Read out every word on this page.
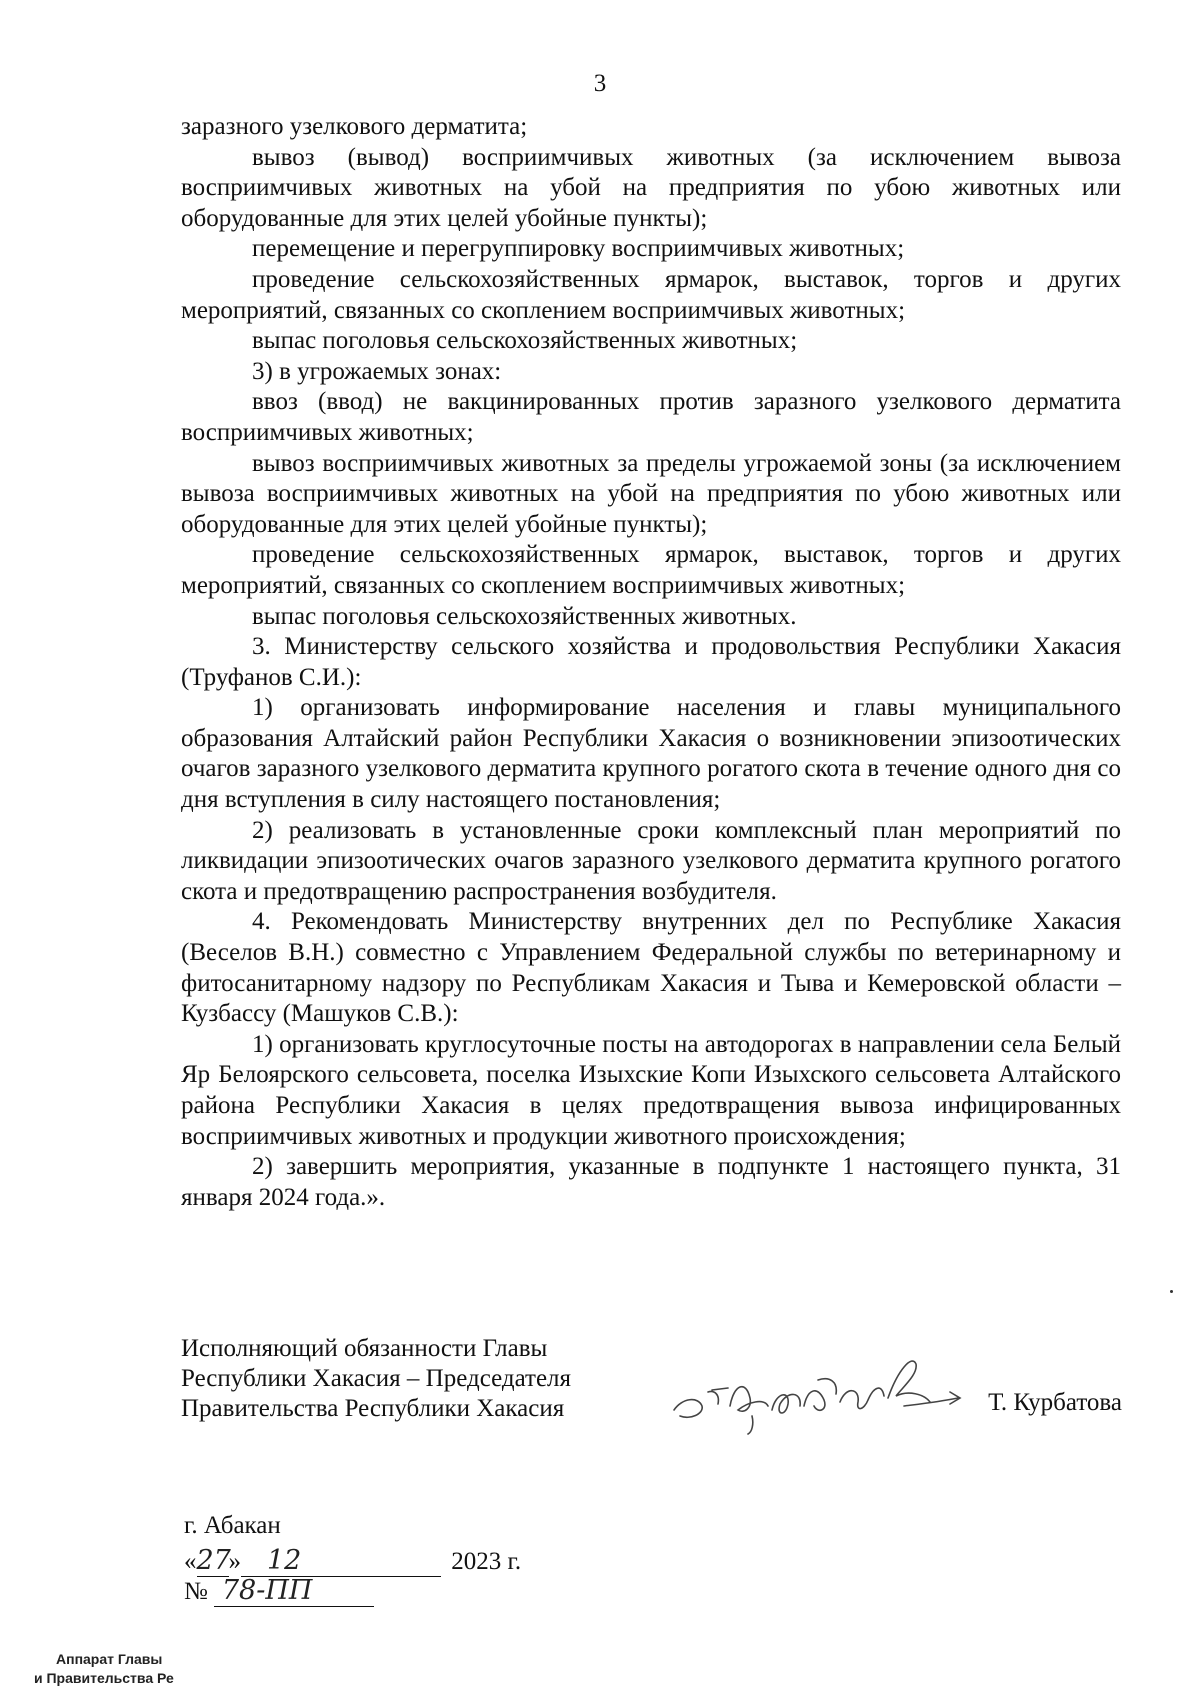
3

заразного узелкового дерматита;

вывоз (вывод) восприимчивых животных (за исключением вывоза восприимчивых животных на убой на предприятия по убою животных или оборудованные для этих целей убойные пункты);

перемещение и перегруппировку восприимчивых животных;

проведение сельскохозяйственных ярмарок, выставок, торгов и других мероприятий, связанных со скоплением восприимчивых животных;

выпас поголовья сельскохозяйственных животных;

3) в угрожаемых зонах:

ввоз (ввод) не вакцинированных против заразного узелкового дерматита восприимчивых животных;

вывоз восприимчивых животных за пределы угрожаемой зоны (за исключением вывоза восприимчивых животных на убой на предприятия по убою животных или оборудованные для этих целей убойные пункты);

проведение сельскохозяйственных ярмарок, выставок, торгов и других мероприятий, связанных со скоплением восприимчивых животных;

выпас поголовья сельскохозяйственных животных.

3. Министерству сельского хозяйства и продовольствия Республики Хакасия (Труфанов С.И.):

1) организовать информирование населения и главы муниципального образования Алтайский район Республики Хакасия о возникновении эпизоотических очагов заразного узелкового дерматита крупного рогатого скота в течение одного дня со дня вступления в силу настоящего постановления;

2) реализовать в установленные сроки комплексный план мероприятий по ликвидации эпизоотических очагов заразного узелкового дерматита крупного рогатого скота и предотвращению распространения возбудителя.

4. Рекомендовать Министерству внутренних дел по Республике Хакасия (Веселов В.Н.) совместно с Управлением Федеральной службы по ветеринарному и фитосанитарному надзору по Республикам Хакасия и Тыва и Кемеровской области – Кузбассу (Машуков С.В.):

1) организовать круглосуточные посты на автодорогах в направлении села Белый Яр Белоярского сельсовета, поселка Изыхские Копи Изыхского сельсовета Алтайского района Республики Хакасия в целях предотвращения вывоза инфицированных восприимчивых животных и продукции животного происхождения;

2) завершить мероприятия, указанные в подпункте 1 настоящего пункта, 31 января 2024 года.».

Исполняющий обязанности Главы
Республики Хакасия – Председателя
Правительства Республики Хакасия	Т. Курбатова
г. Абакан
«27» 12	2023 г.
№ 78-ПП
Аппарат Главы
и Правительства Ре
